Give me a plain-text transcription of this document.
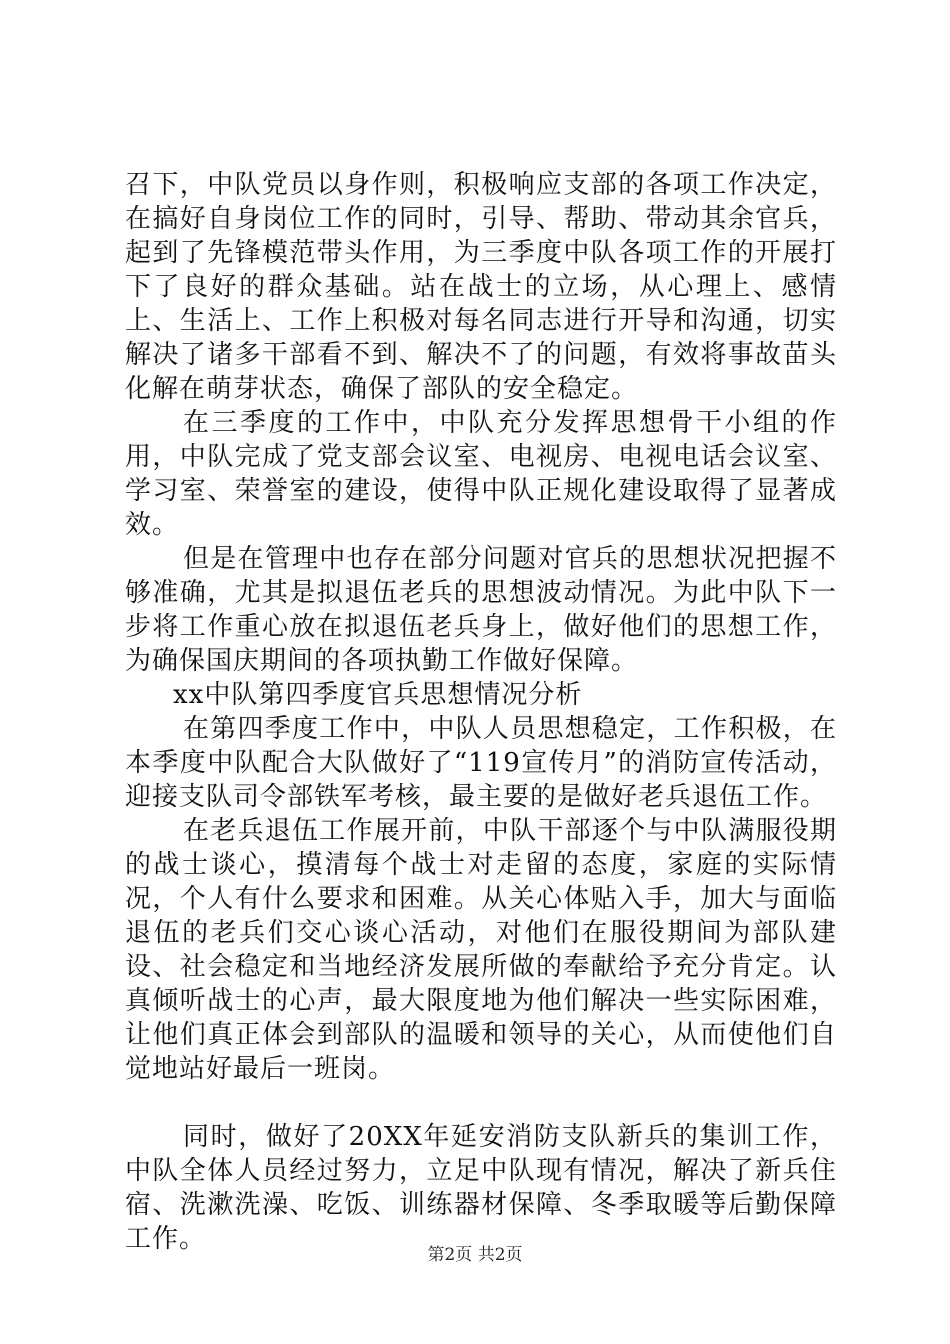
召下，中队党员以身作则，积极响应支部的各项工作决定，在搞好自身岗位工作的同时，引导、帮助、带动其余官兵，起到了先锋模范带头作用，为三季度中队各项工作的开展打下了良好的群众基础。站在战士的立场，从心理上、感情上、生活上、工作上积极对每名同志进行开导和沟通，切实解决了诸多干部看不到、解决不了的问题，有效将事故苗头化解在萌芽状态，确保了部队的安全稳定。

在三季度的工作中，中队充分发挥思想骨干小组的作用，中队完成了党支部会议室、电视房、电视电话会议室、学习室、荣誉室的建设，使得中队正规化建设取得了显著成效。

但是在管理中也存在部分问题对官兵的思想状况把握不够准确，尤其是拟退伍老兵的思想波动情况。为此中队下一步将工作重心放在拟退伍老兵身上，做好他们的思想工作，为确保国庆期间的各项执勤工作做好保障。

xx中队第四季度官兵思想情况分析

在第四季度工作中，中队人员思想稳定，工作积极，在本季度中队配合大队做好了“119宣传月”的消防宣传活动，迎接支队司令部铁军考核，最主要的是做好老兵退伍工作。

在老兵退伍工作展开前，中队干部逐个与中队满服役期的战士谈心，摸清每个战士对走留的态度，家庭的实际情况，个人有什么要求和困难。从关心体贴入手，加大与面临退伍的老兵们交心谈心活动，对他们在服役期间为部队建设、社会稳定和当地经济发展所做的奉献给予充分肯定。认真倾听战士的心声，最大限度地为他们解决一些实际困难，让他们真正体会到部队的温暖和领导的关心，从而使他们自觉地站好最后一班岗。

同时，做好了20XX年延安消防支队新兵的集训工作，中队全体人员经过努力，立足中队现有情况，解决了新兵住宿、洗漱洗澡、吃饭、训练器材保障、冬季取暖等后勤保障工作。

第2页 共2页
